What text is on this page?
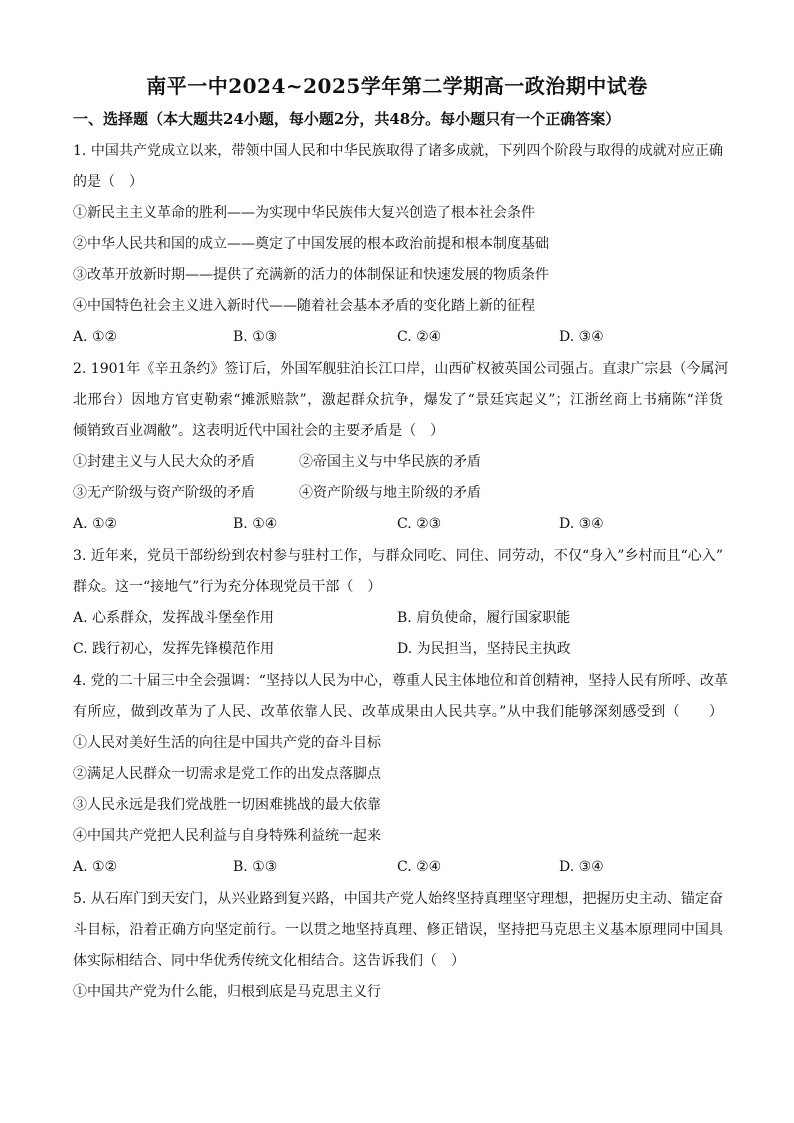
南平一中2024~2025学年第二学期高一政治期中试卷
一、选择题（本大题共24小题，每小题2分，共48分。每小题只有一个正确答案）
1. 中国共产党成立以来，带领中国人民和中华民族取得了诸多成就，下列四个阶段与取得的成就对应正确
的是（　）
①新民主主义革命的胜利——为实现中华民族伟大复兴创造了根本社会条件
②中华人民共和国的成立——奠定了中国发展的根本政治前提和根本制度基础
③改革开放新时期——提供了充满新的活力的体制保证和快速发展的物质条件
④中国特色社会主义进入新时代——随着社会基本矛盾的变化踏上新的征程
A. ①②	B. ①③	C. ②④	D. ③④
2. 1901年《辛丑条约》签订后，外国军舰驻泊长江口岸，山西矿权被英国公司强占。直隶广宗县（今属河
北邢台）因地方官吏勒索“摊派赔款”，激起群众抗争，爆发了“景廷宾起义”；江浙丝商上书痛陈“洋货
倾销致百业凋敝”。这表明近代中国社会的主要矛盾是（　）
①封建主义与人民大众的矛盾	②帝国主义与中华民族的矛盾
③无产阶级与资产阶级的矛盾	④资产阶级与地主阶级的矛盾
A. ①②	B. ①④	C. ②③	D. ③④
3. 近年来，党员干部纷纷到农村参与驻村工作，与群众同吃、同住、同劳动，不仅“身入”乡村而且“心入”
群众。这一“接地气”行为充分体现党员干部（　）
A. 心系群众，发挥战斗堡垒作用	B. 肩负使命，履行国家职能
C. 践行初心，发挥先锋模范作用	D. 为民担当，坚持民主执政
4. 党的二十届三中全会强调：“坚持以人民为中心，尊重人民主体地位和首创精神，坚持人民有所呼、改革
有所应，做到改革为了人民、改革依靠人民、改革成果由人民共享。”从中我们能够深刻感受到（　　）
①人民对美好生活的向往是中国共产党的奋斗目标
②满足人民群众一切需求是党工作的出发点落脚点
③人民永远是我们党战胜一切困难挑战的最大依靠
④中国共产党把人民利益与自身特殊利益统一起来
A. ①②	B. ①③	C. ②④	D. ③④
5. 从石库门到天安门，从兴业路到复兴路，中国共产党人始终坚持真理坚守理想，把握历史主动、锚定奋
斗目标，沿着正确方向坚定前行。一以贯之地坚持真理、修正错误，坚持把马克思主义基本原理同中国具
体实际相结合、同中华优秀传统文化相结合。这告诉我们（　）
①中国共产党为什么能，归根到底是马克思主义行
